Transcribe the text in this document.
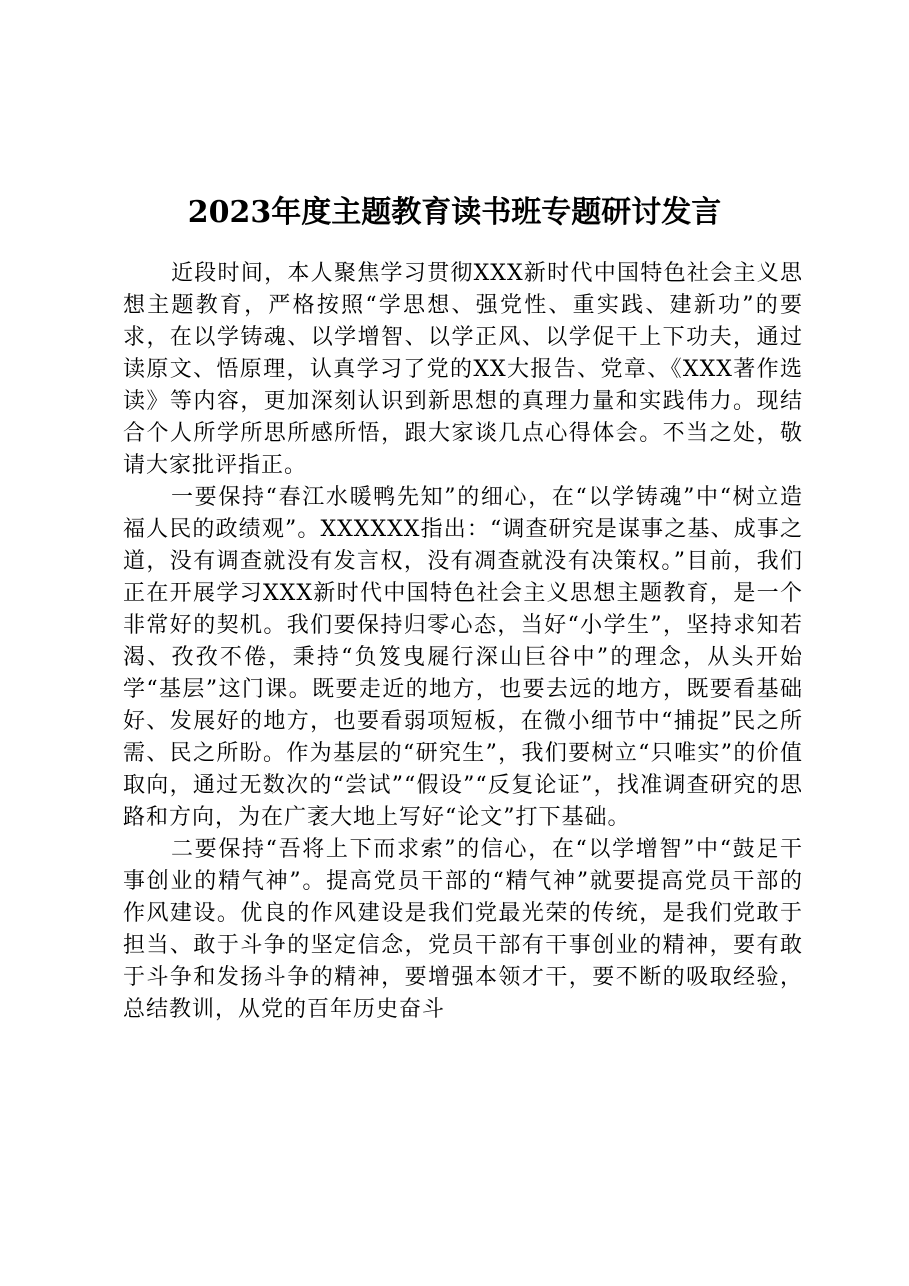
2023年度主题教育读书班专题研讨发言

近段时间，本人聚焦学习贯彻XXX新时代中国特色社会主义思想主题教育，严格按照“学思想、强党性、重实践、建新功”的要求，在以学铸魂、以学增智、以学正风、以学促干上下功夫，通过读原文、悟原理，认真学习了党的XX大报告、党章、《XXX著作选读》等内容，更加深刻认识到新思想的真理力量和实践伟力。现结合个人所学所思所感所悟，跟大家谈几点心得体会。不当之处，敬请大家批评指正。

一要保持“春江水暖鸭先知”的细心，在“以学铸魂”中“树立造福人民的政绩观”。XXXXXX指出：“调查研究是谋事之基、成事之道，没有调查就没有发言权，没有凋查就没有决策权。”目前，我们正在开展学习XXX新时代中国特色社会主义思想主题教育，是一个非常好的契机。我们要保持归零心态，当好“小学生”，坚持求知若渴、孜孜不倦，秉持“负笈曳屣行深山巨谷中”的理念，从头开始学“基层”这门课。既要走近的地方，也要去远的地方，既要看基础好、发展好的地方，也要看弱项短板，在微小细节中“捕捉”民之所需、民之所盼。作为基层的“研究生”，我们要树立“只唯实”的价值取向，通过无数次的“尝试”“假设”“反复论证”，找准调查研究的思路和方向，为在广袤大地上写好“论文”打下基础。

二要保持“吾将上下而求索”的信心，在“以学增智”中“鼓足干事创业的精气神”。提高党员干部的“精气神”就要提高党员干部的作风建设。优良的作风建设是我们党最光荣的传统，是我们党敢于担当、敢于斗争的坚定信念，党员干部有干事创业的精神，要有敢于斗争和发扬斗争的精神，要增强本领才干，要不断的吸取经验，总结教训，从党的百年历史奋斗
